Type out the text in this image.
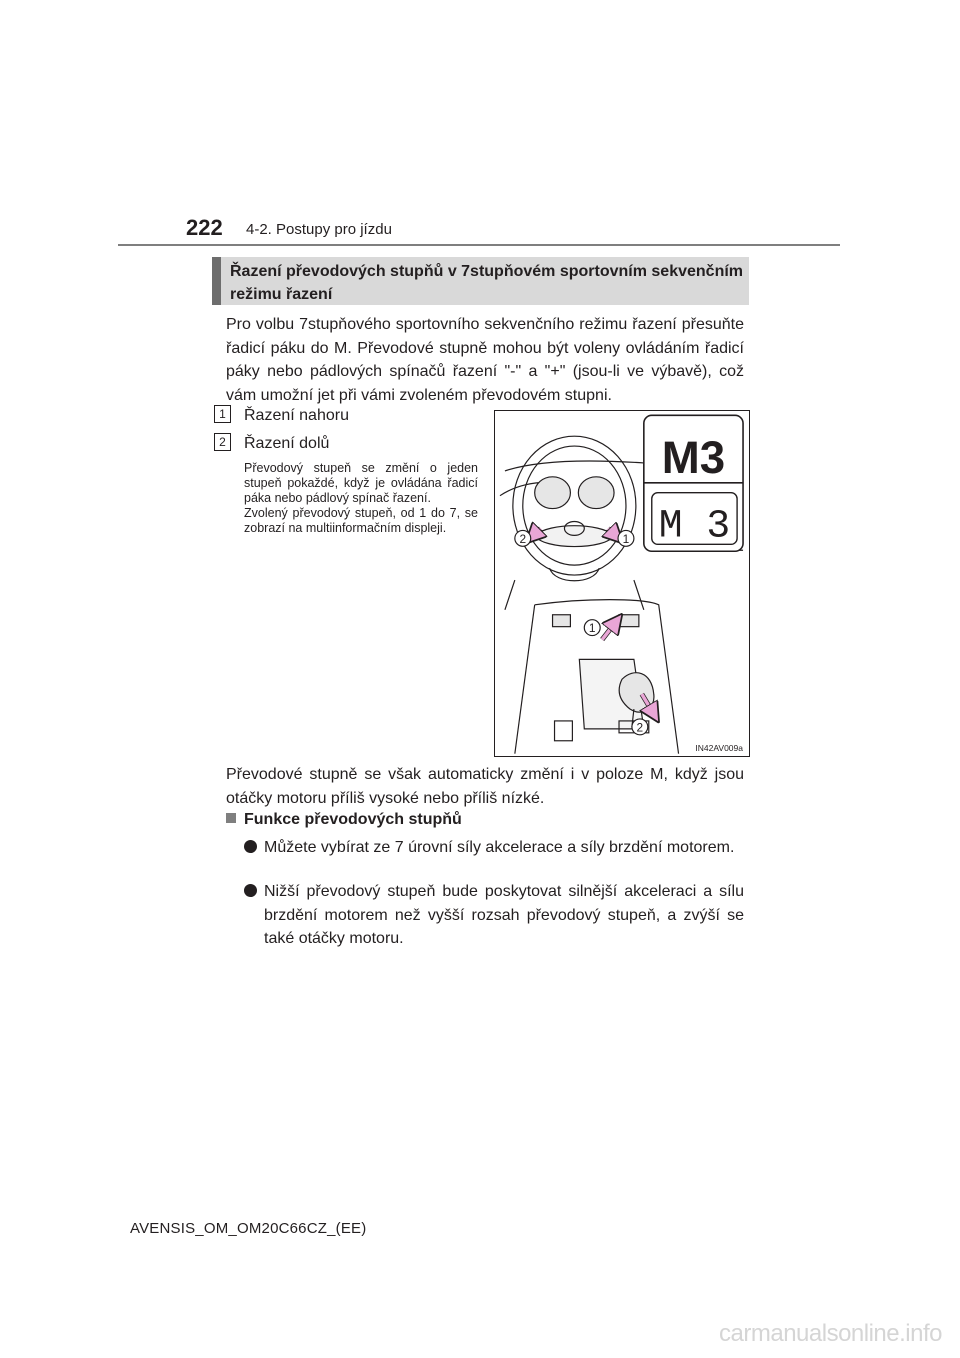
222 4-2. Postupy pro jízdu
Řazení převodových stupňů v 7stupňovém sportovním sekvenčním režimu řazení
Pro volbu 7stupňového sportovního sekvenčního režimu řazení přesuňte řadicí páku do M. Převodové stupně mohou být voleny ovládáním řadicí páky nebo pádlových spínačů řazení "-" a "+" (jsou-li ve výbavě), což vám umožní jet při vámi zvoleném převodovém stupni.
1 Řazení nahoru
2 Řazení dolů
Převodový stupeň se změní o jeden stupeň pokaždé, když je ovládána řadicí páka nebo pádlový spínač řazení.
Zvolený převodový stupeň, od 1 do 7, se zobrazí na multiinformačním displeji.
2	1
M3
M 3
1
2
IN42AV009a
Převodové stupně se však automaticky změní i v poloze M, když jsou otáčky motoru příliš vysoké nebo příliš nízké.
Funkce převodových stupňů
Můžete vybírat ze 7 úrovní síly akcelerace a síly brzdění motorem.
Nižší převodový stupeň bude poskytovat silnější akceleraci a sílu brzdění motorem než vyšší rozsah převodový stupeň, a zvýší se také otáčky motoru.
AVENSIS_OM_OM20C66CZ_(EE)
carmanualsonline.info
